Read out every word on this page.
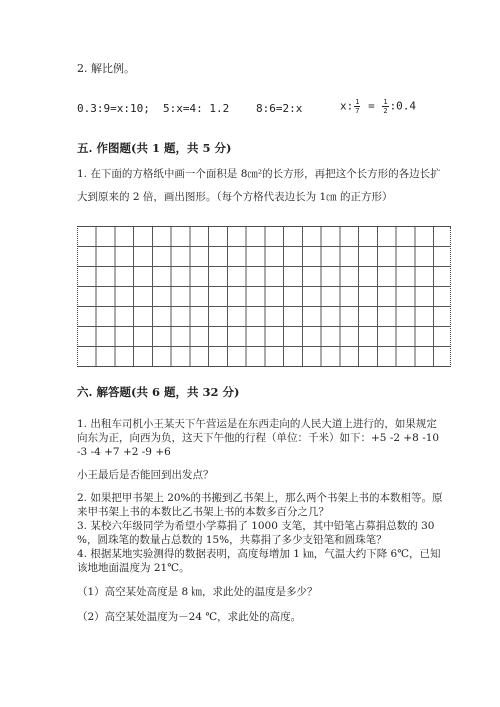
2. 解比例。
0.3:9=x:10; 5:x=4: 1.2 8:6=2:x	x: $\frac{1}{7} = \frac{1}{2}$ :0.4
五. 作图题(共 1 题，共 5 分)
1. 在下面的方格纸中画一个面积是 8㎝²的长方形，再把这个长方形的各边长扩
大到原来的 2 倍，画出图形。（每个方格代表边长为 1㎝ 的正方形）
六. 解答题(共 6 题，共 32 分)
1. 出租车司机小王某天下午营运是在东西走向的人民大道上进行的，如果规定
向东为正，向西为负，这天下午他的行程（单位：千米）如下：+5 -2 +8 -10
-3 -4 +7 +2 -9 +6
小王最后是否能回到出发点？
2. 如果把甲书架上 20%的书搬到乙书架上，那么两个书架上书的本数相等。原
来甲书架上书的本数比乙书架上书的本数多百分之几？
3. 某校六年级同学为希望小学募捐了 1000 支笔，其中铅笔占募捐总数的 30
%，圆珠笔的数量占总数的 15%，共募捐了多少支铅笔和圆珠笔？
4. 根据某地实验测得的数据表明，高度每增加 1 ㎞，气温大约下降 6℃，已知
该地地面温度为 21℃。
（1）高空某处高度是 8 ㎞，求此处的温度是多少？
（2）高空某处温度为－24 ℃，求此处的高度。
